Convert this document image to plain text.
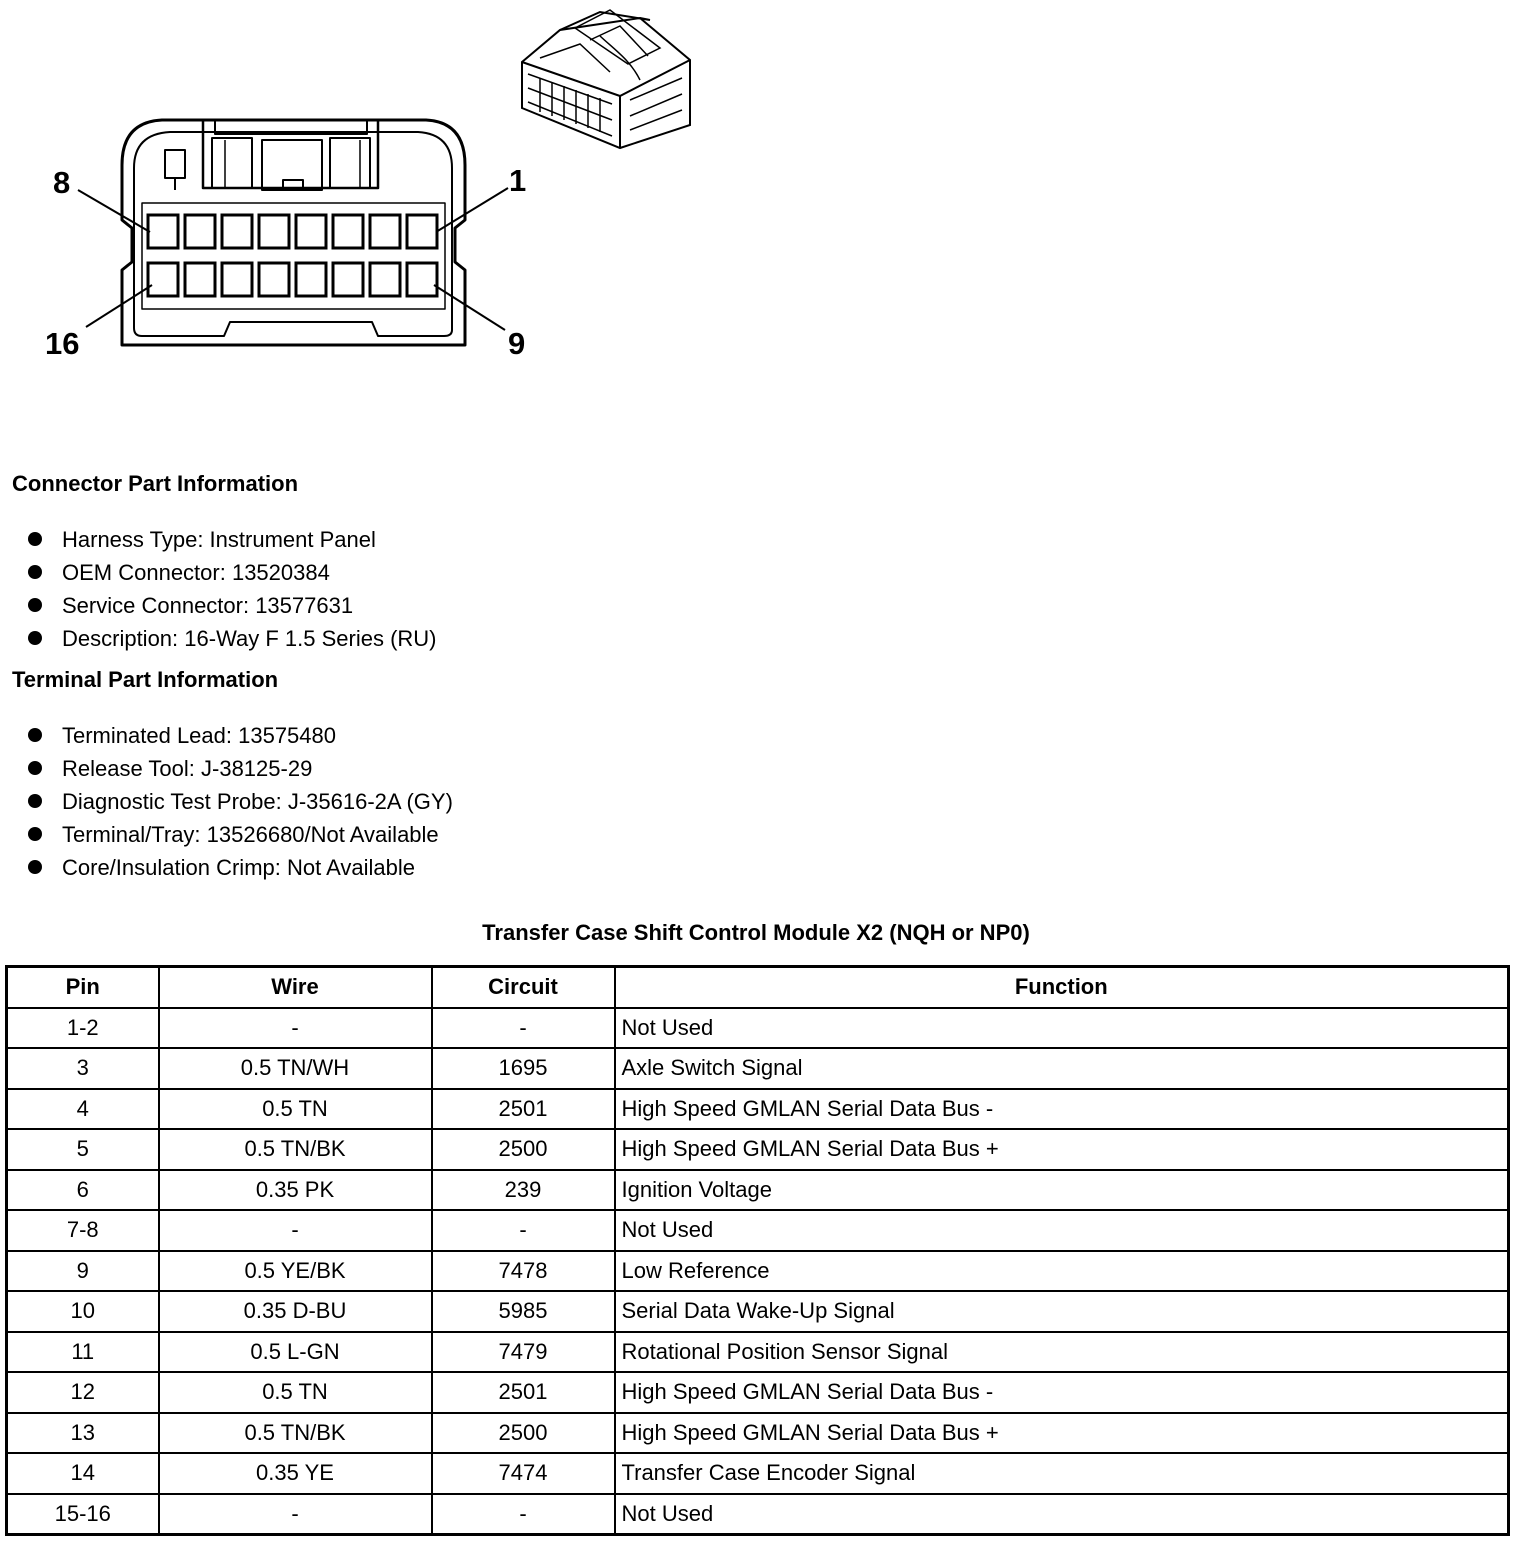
8	1
16	9
Connector Part Information
Harness Type: Instrument Panel
OEM Connector: 13520384
Service Connector: 13577631
Description: 16-Way F 1.5 Series (RU)
Terminal Part Information
Terminated Lead: 13575480
Release Tool: J-38125-29
Diagnostic Test Probe: J-35616-2A (GY)
Terminal/Tray: 13526680/Not Available
Core/Insulation Crimp: Not Available
Transfer Case Shift Control Module X2 (NQH or NP0)
Pin	Wire	Circuit	Function
1-2	-	-	Not Used
3	0.5 TN/WH	1695	Axle Switch Signal
4	0.5 TN	2501	High Speed GMLAN Serial Data Bus -
5	0.5 TN/BK	2500	High Speed GMLAN Serial Data Bus +
6	0.35 PK	239	Ignition Voltage
7-8	-	-	Not Used
9	0.5 YE/BK	7478	Low Reference
10	0.35 D-BU	5985	Serial Data Wake-Up Signal
11	0.5 L-GN	7479	Rotational Position Sensor Signal
12	0.5 TN	2501	High Speed GMLAN Serial Data Bus -
13	0.5 TN/BK	2500	High Speed GMLAN Serial Data Bus +
14	0.35 YE	7474	Transfer Case Encoder Signal
15-16	-	-	Not Used
